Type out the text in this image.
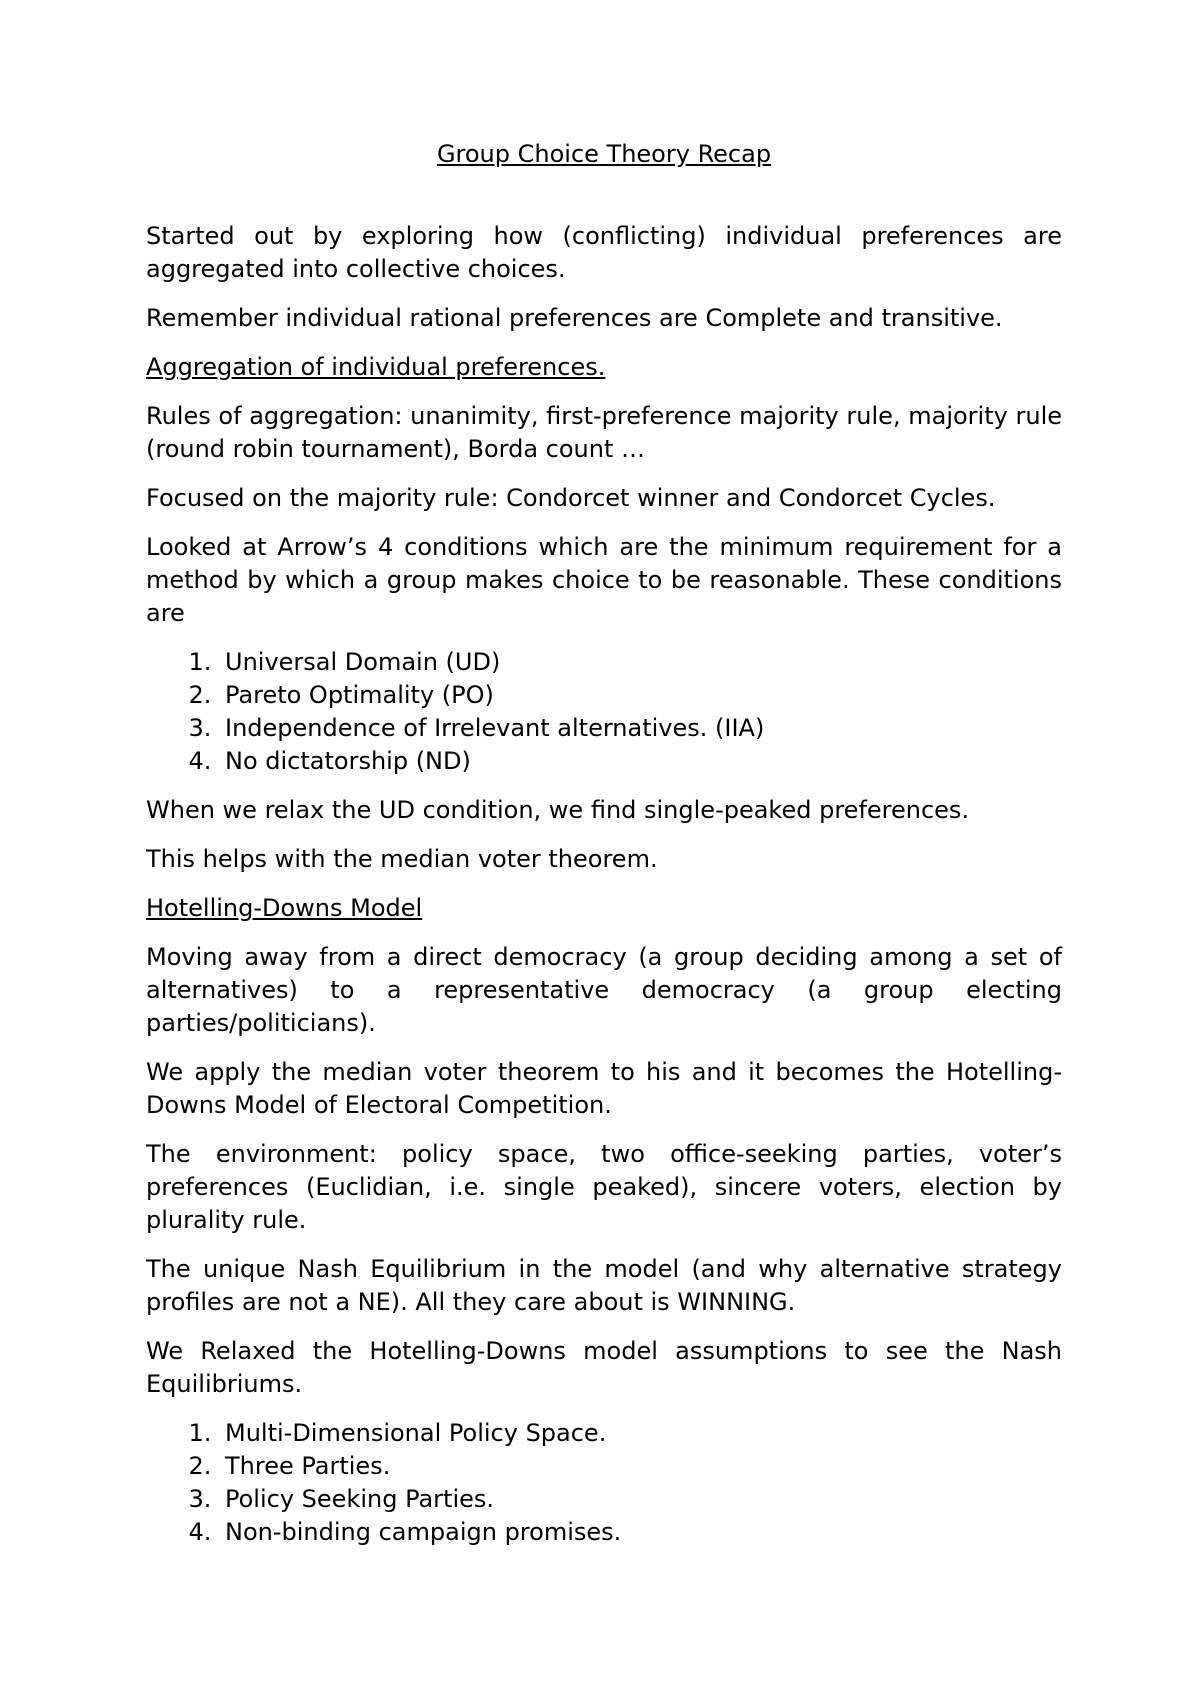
Group Choice Theory Recap

Started out by exploring how (conflicting) individual preferences are aggregated into collective choices.

Remember individual rational preferences are Complete and transitive.

Aggregation of individual preferences.

Rules of aggregation: unanimity, first-preference majority rule, majority rule (round robin tournament), Borda count …

Focused on the majority rule: Condorcet winner and Condorcet Cycles.

Looked at Arrow’s 4 conditions which are the minimum requirement for a method by which a group makes choice to be reasonable. These conditions are

1. Universal Domain (UD)
2. Pareto Optimality (PO)
3. Independence of Irrelevant alternatives. (IIA)
4. No dictatorship (ND)

When we relax the UD condition, we find single-peaked preferences.

This helps with the median voter theorem.

Hotelling-Downs Model

Moving away from a direct democracy (a group deciding among a set of alternatives) to a representative democracy (a group electing parties/politicians).

We apply the median voter theorem to his and it becomes the Hotelling-Downs Model of Electoral Competition.

The environment: policy space, two office-seeking parties, voter’s preferences (Euclidian, i.e. single peaked), sincere voters, election by plurality rule.

The unique Nash Equilibrium in the model (and why alternative strategy profiles are not a NE). All they care about is WINNING.

We Relaxed the Hotelling-Downs model assumptions to see the Nash Equilibriums.

1. Multi-Dimensional Policy Space.
2. Three Parties.
3. Policy Seeking Parties.
4. Non-binding campaign promises.
